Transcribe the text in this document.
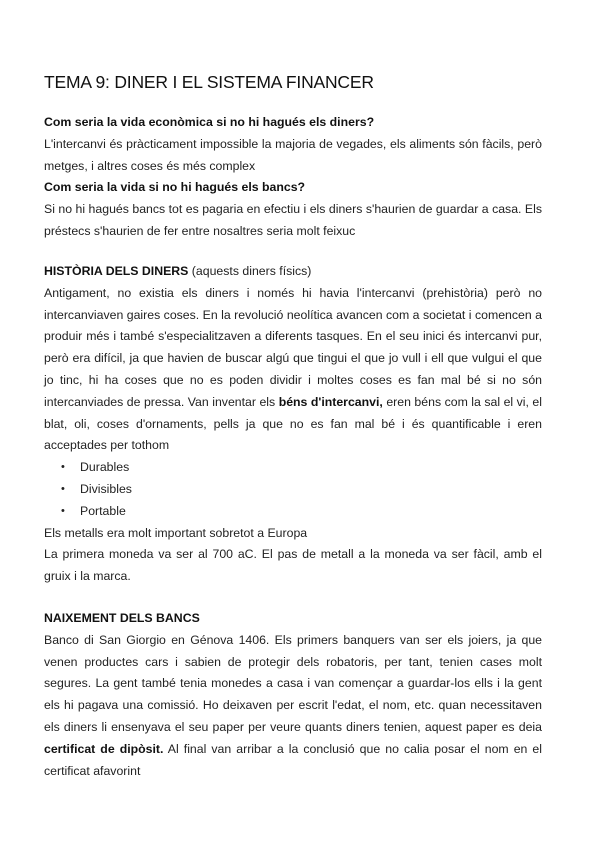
TEMA 9: DINER I EL SISTEMA FINANCER

Com seria la vida econòmica si no hi hagués els diners?

L'intercanvi és pràcticament impossible la majoria de vegades, els aliments són fàcils, però metges, i altres coses és més complex

Com seria la vida si no hi hagués els bancs?

Si no hi hagués bancs tot es pagaria en efectiu i els diners s'haurien de guardar a casa. Els préstecs s'haurien de fer entre nosaltres seria molt feixuc

HISTÒRIA DELS DINERS (aquests diners físics)

Antigament, no existia els diners i només hi havia l'intercanvi (prehistòria) però no intercanviaven gaires coses. En la revolució neolítica avancen com a societat i comencen a produir més i també s'especialitzaven a diferents tasques. En el seu inici és intercanvi pur, però era difícil, ja que havien de buscar algú que tingui el que jo vull i ell que vulgui el que jo tinc, hi ha coses que no es poden dividir i moltes coses es fan mal bé si no són intercanviades de pressa. Van inventar els béns d'intercanvi, eren béns com la sal el vi, el blat, oli, coses d'ornaments, pells ja que no es fan mal bé i és quantificable i eren acceptades per tothom

• Durables
• Divisibles
• Portable

Els metalls era molt important sobretot a Europa

La primera moneda va ser al 700 aC. El pas de metall a la moneda va ser fàcil, amb el gruix i la marca.

NAIXEMENT DELS BANCS

Banco di San Giorgio en Génova 1406. Els primers banquers van ser els joiers, ja que venen productes cars i sabien de protegir dels robatoris, per tant, tenien cases molt segures. La gent també tenia monedes a casa i van començar a guardar-los ells i la gent els hi pagava una comissió. Ho deixaven per escrit l'edat, el nom, etc. quan necessitaven els diners li ensenyava el seu paper per veure quants diners tenien, aquest paper es deia certificat de dipòsit. Al final van arribar a la conclusió que no calia posar el nom en el certificat afavorint
